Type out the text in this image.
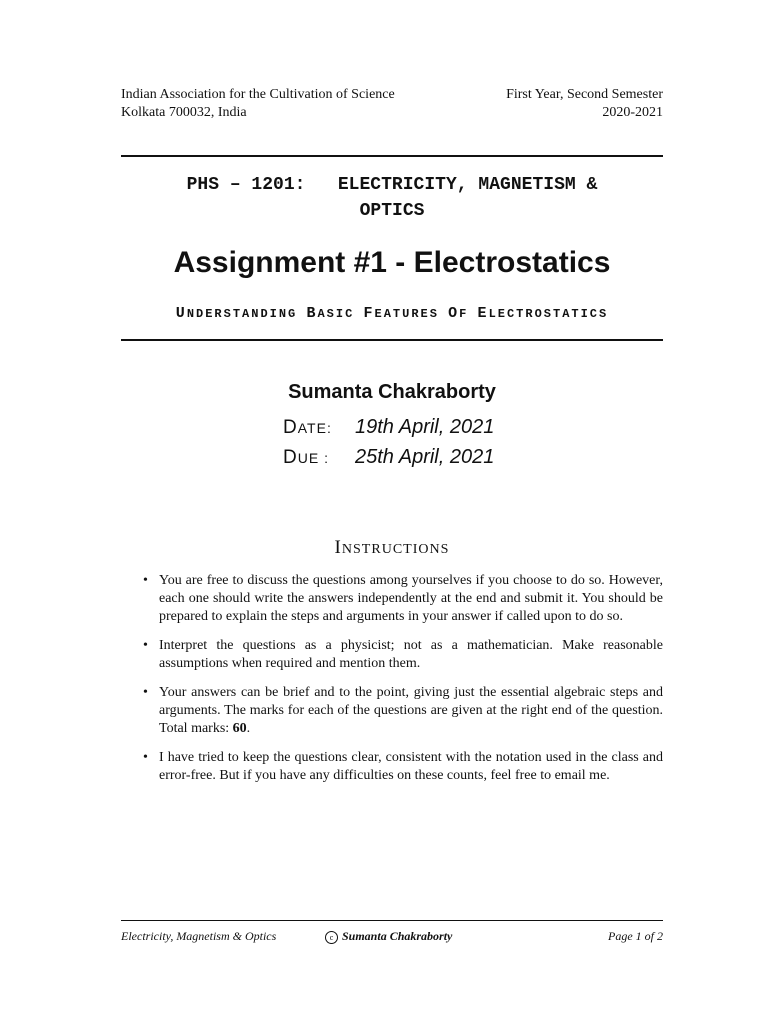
Indian Association for the Cultivation of Science
Kolkata 700032, India
First Year, Second Semester
2020-2021
PHS – 1201: ELECTRICITY, MAGNETISM &
OPTICS
Assignment #1 - Electrostatics
UNDERSTANDING BASIC FEATURES OF ELECTROSTATICS
Sumanta Chakraborty
DATE:	19th April, 2021
DUE :	25th April, 2021
INSTRUCTIONS
• You are free to discuss the questions among yourselves if you choose to do so. However, each one should write the answers independently at the end and submit it. You should be prepared to explain the steps and arguments in your answer if called upon to do so.
• Interpret the questions as a physicist; not as a mathematician. Make reasonable assumptions when required and mention them.
• Your answers can be brief and to the point, giving just the essential algebraic steps and arguments. The marks for each of the questions are given at the right end of the question. Total marks: 60.
• I have tried to keep the questions clear, consistent with the notation used in the class and error-free. But if you have any difficulties on these counts, feel free to email me.
Electricity, Magnetism & Optics	c Sumanta Chakraborty	Page 1 of 2
